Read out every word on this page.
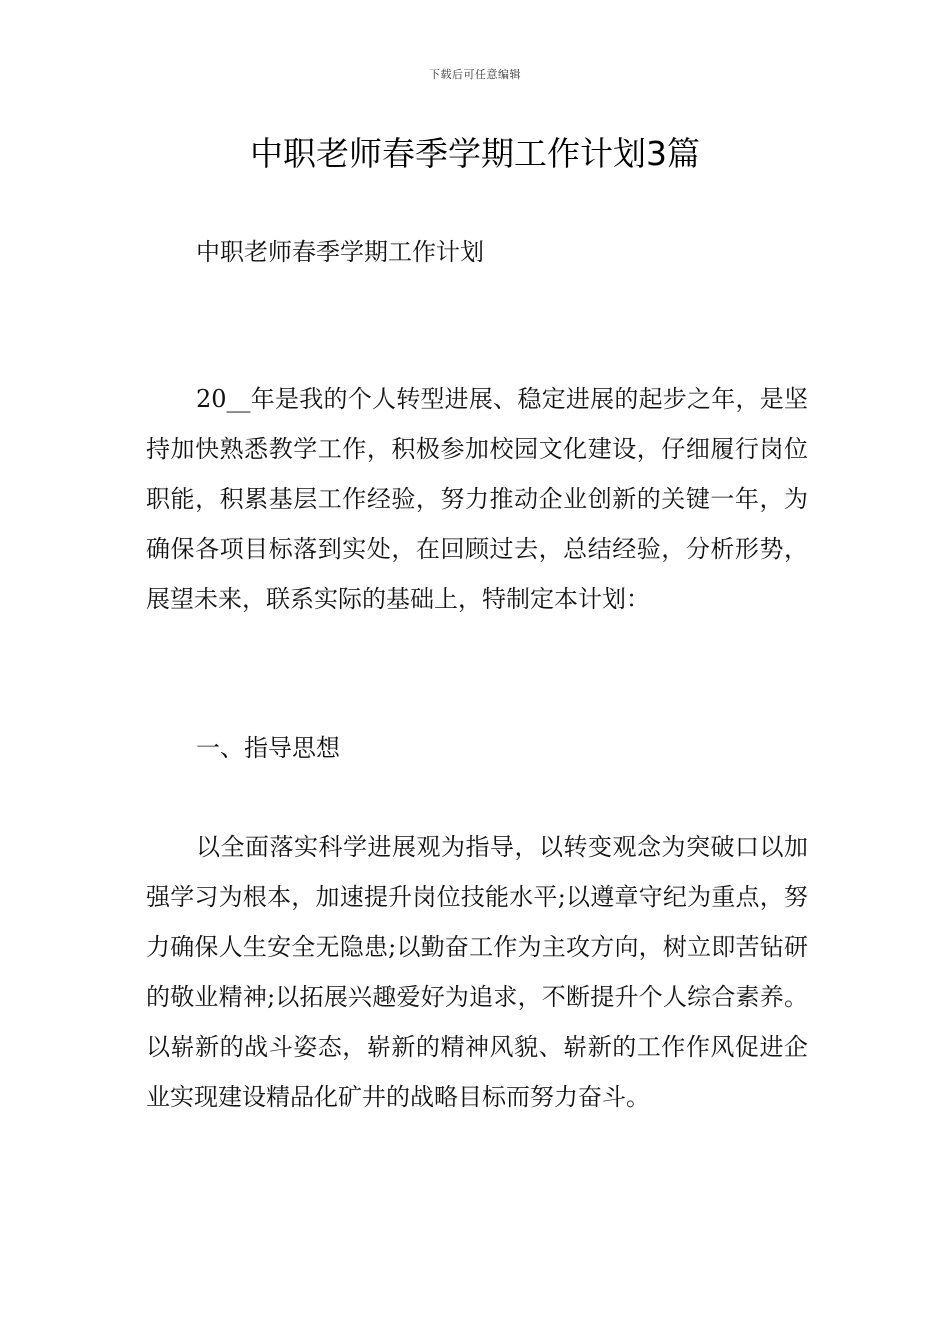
下载后可任意编辑
中职老师春季学期工作计划3篇

中职老师春季学期工作计划

20__年是我的个人转型进展、稳定进展的起步之年，是坚持加快熟悉教学工作，积极参加校园文化建设，仔细履行岗位职能，积累基层工作经验，努力推动企业创新的关键一年，为确保各项目标落到实处，在回顾过去，总结经验，分析形势，展望未来，联系实际的基础上，特制定本计划：

一、指导思想

以全面落实科学进展观为指导，以转变观念为突破口以加强学习为根本，加速提升岗位技能水平;以遵章守纪为重点，努力确保人生安全无隐患;以勤奋工作为主攻方向，树立即苦钻研的敬业精神;以拓展兴趣爱好为追求，不断提升个人综合素养。以崭新的战斗姿态，崭新的精神风貌、崭新的工作作风促进企业实现建设精品化矿井的战略目标而努力奋斗。
